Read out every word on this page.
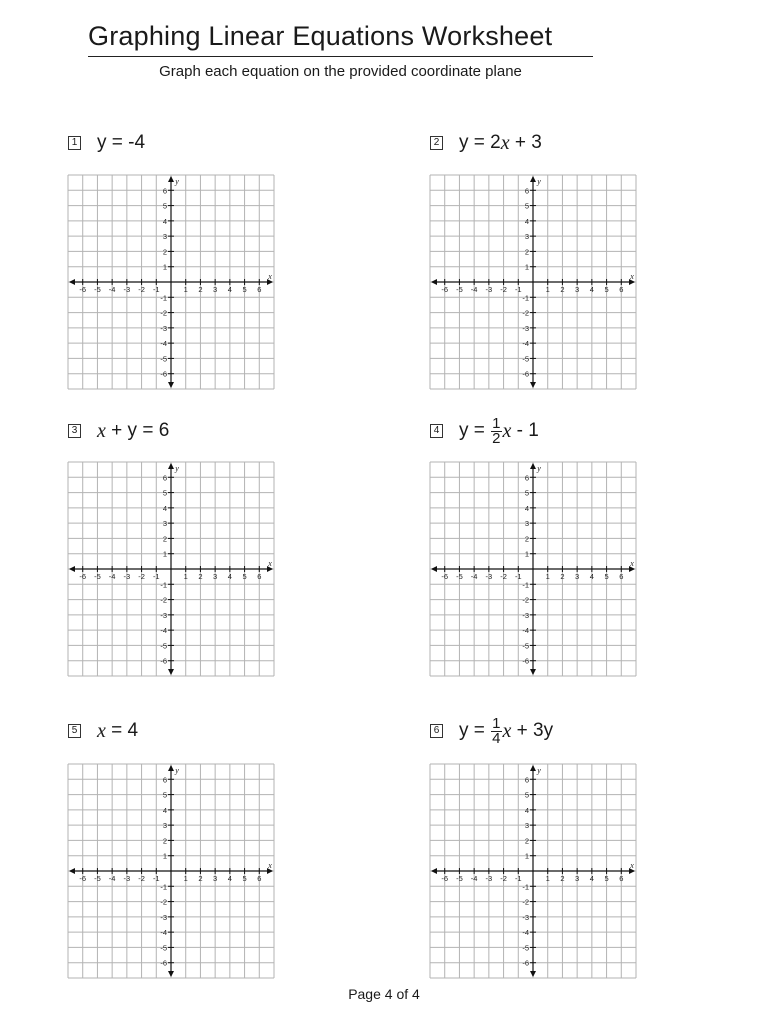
Graphing Linear Equations Worksheet
Graph each equation on the provided coordinate plane
1 y = -4	2 y = 2 x + 3
3 x + y = 6	4 $y = \frac{1}{2}$ x - 1
5 x = 4	6 $y = \frac{1}{4}$ x + 3y
-6 -5 -4 -3 -2 -1	1 2 3 4 5 6
6
5
4
3
2
1
-1
-2
-3
-4
-5
-6
x
y
-6 -5 -4 -3 -2 -1	1 2 3 4 5 6
6
5
4
3
2
1
-1
-2
-3
-4
-5
-6
x
y
-6 -5 -4 -3 -2 -1	1 2 3 4 5 6
6
5
4
3
2
1
-1
-2
-3
-4
-5
-6
x
y
-6 -5 -4 -3 -2 -1	1 2 3 4 5 6
6
5
4
3
2
1
-1
-2
-3
-4
-5
-6
x
y
-6 -5 -4 -3 -2 -1	1 2 3 4 5 6
6
5
4
3
2
1
-1
-2
-3
-4
-5
-6
x
y
-6 -5 -4 -3 -2 -1	1 2 3 4 5 6
6
5
4
3
2
1
-1
-2
-3
-4
-5
-6
x
y
Page 4 of 4
